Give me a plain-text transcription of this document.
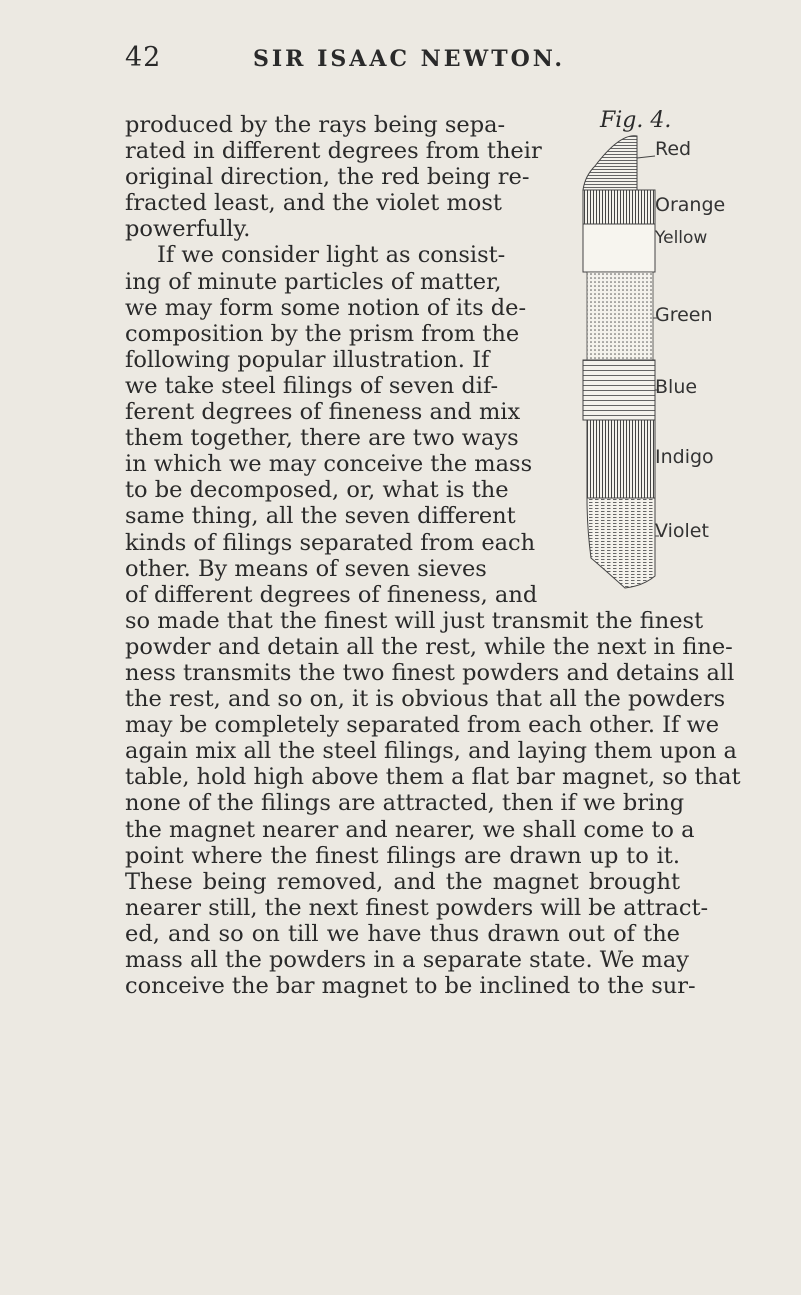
42	SIR ISAAC NEWTON.
produced by the rays being sepa-
rated in different degrees from their
original direction, the red being re-
fracted least, and the violet most
powerfully.
If we consider light as consist-
ing of minute particles of matter,
we may form some notion of its de-
composition by the prism from the
following popular illustration. If
we take steel filings of seven dif-
ferent degrees of fineness and mix
them together, there are two ways
in which we may conceive the mass
to be decomposed, or, what is the
same thing, all the seven different
kinds of filings separated from each
other. By means of seven sieves
of different degrees of fineness, and
so made that the finest will just transmit the finest
powder and detain all the rest, while the next in fine-
ness transmits the two finest powders and detains all
the rest, and so on, it is obvious that all the powders
may be completely separated from each other. If we
again mix all the steel filings, and laying them upon a
table, hold high above them a flat bar magnet, so that
none of the filings are attracted, then if we bring
the magnet nearer and nearer, we shall come to a
point where the finest filings are drawn up to it.
These being removed, and the magnet brought
nearer still, the next finest powders will be attract-
ed, and so on till we have thus drawn out of the
mass all the powders in a separate state. We may
conceive the bar magnet to be inclined to the sur-
Fig. 4.
Red
Orange
Yellow
Green
Blue
Indigo
Violet
